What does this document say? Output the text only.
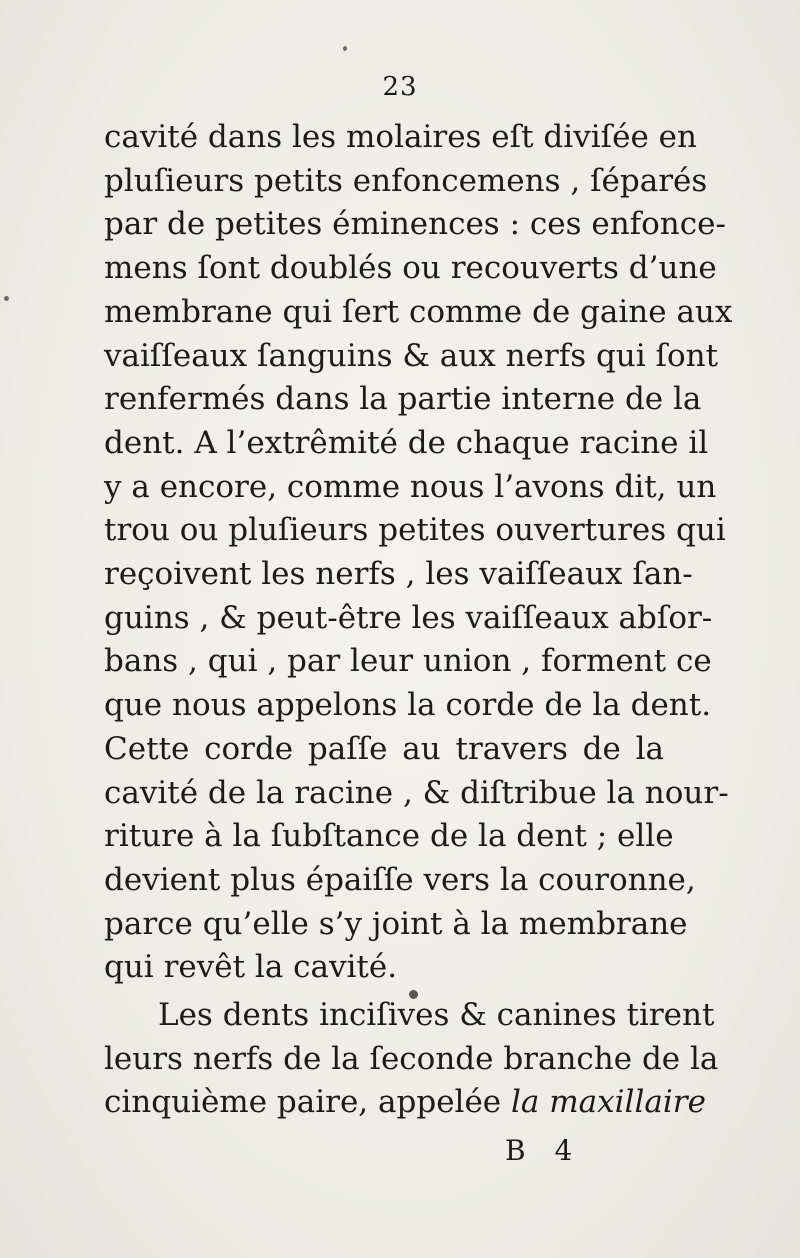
23
cavité dans les molaires eſt diviſée en
pluſieurs petits enfoncemens , ſéparés
par de petites éminences : ces enfonce-
mens ſont doublés ou recouverts d’une
membrane qui ſert comme de gaine aux
vaiſſeaux ſanguins & aux nerfs qui ſont
renfermés dans la partie interne de la
dent. A l’extrêmité de chaque racine il
y a encore, comme nous l’avons dit, un
trou ou pluſieurs petites ouvertures qui
reçoivent les nerfs , les vaiſſeaux ſan-
guins , & peut-être les vaiſſeaux abſor-
bans , qui , par leur union , forment ce
que nous appelons la corde de la dent.
Cette corde paſſe au travers de la
cavité de la racine , & diſtribue la nour-
riture à la ſubſtance de la dent ; elle
devient plus épaiſſe vers la couronne,
parce qu’elle s’y joint à la membrane
qui revêt la cavité.
Les dents inciſives & canines tirent
leurs nerfs de la ſeconde branche de la
cinquième paire, appelée la maxillaire
B 4
